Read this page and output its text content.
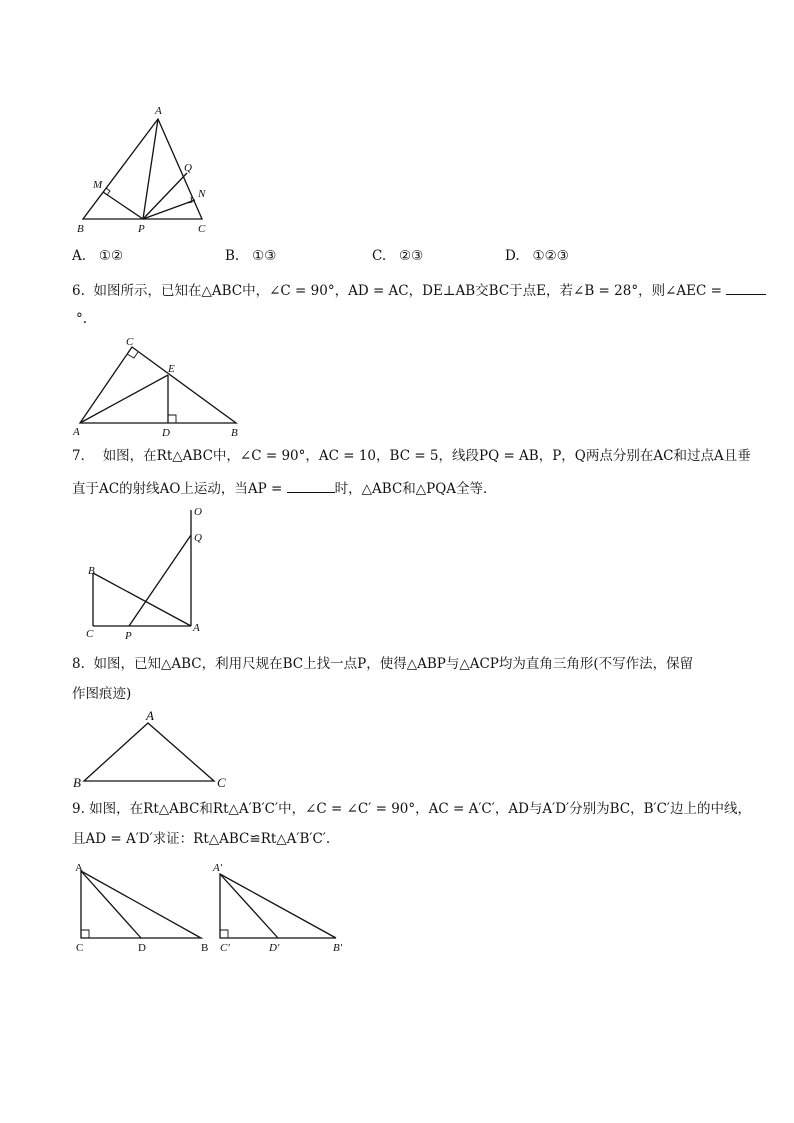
A
M
Q
N
B	P	C
A. ①②	B. ①③	C. ②③	D. ①②③
6. 如图所示，已知在△ABC中，∠C = 90°，AD = AC，DE⊥AB交BC于点E，若∠B = 28°，则∠AEC =
°.
C
E
A	D	B
7． 如图，在Rt△ABC中，∠C = 90°，AC = 10，BC = 5，线段PQ = AB，P，Q两点分别在AC和过点A且垂
直于AC的射线AO上运动，当AP =	时，△ABC和△PQA全等．
O
Q
B
C	P
A
8. 如图，已知△ABC，利用尺规在BC上找一点P，使得△ABP与△ACP均为直角三角形(不写作法，保留
作图痕迹)
A
B	C
9. 如图，在Rt△ABC和Rt△A′B′C′中，∠C = ∠C′ = 90°，AC = A′C′，AD与A′D′分别为BC，B′C′边上的中线，
且AD = A′D′求证：Rt△ABC≌Rt△A′B′C′.
A
C	D	B
A′
C′	D′	B′
